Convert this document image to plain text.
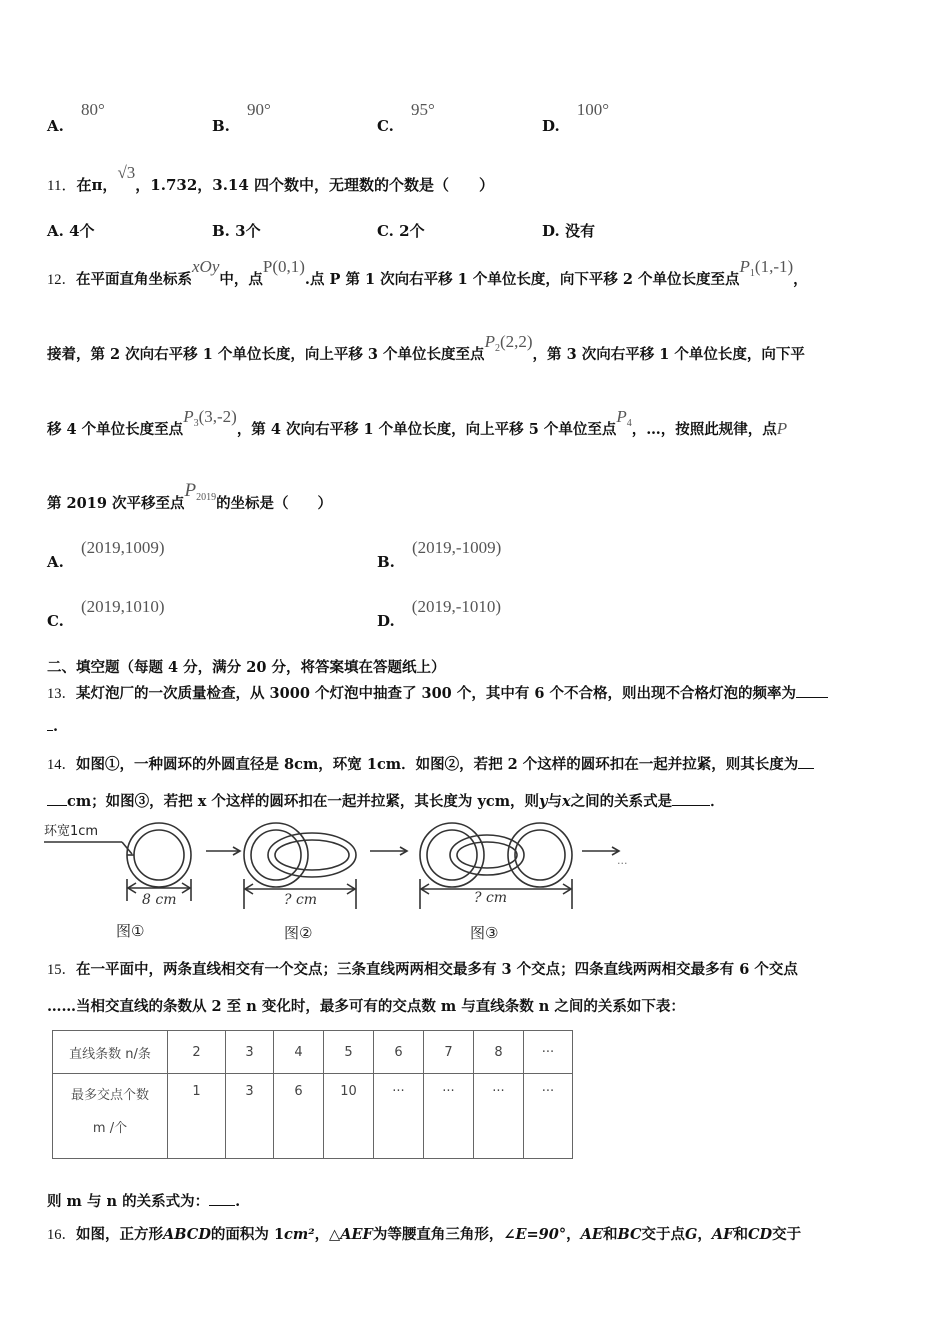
A. 80°
B. 90°
C. 95°
D. 100°
11．在π，√3，1.732，3.14 四个数中，无理数的个数是（　　）
A. 4个	B. 3个	C. 2个	D. 没有
12．在平面直角坐标系xOy中，点P(0,1).点 P 第 1 次向右平移 1 个单位长度，向下平移 2 个单位长度至点$P_1(1,-1)$，
接着，第 2 次向右平移 1 个单位长度，向上平移 3 个单位长度至点$P_2(2,2)$，第 3 次向右平移 1 个单位长度，向下平
移 4 个单位长度至点$P_3(3,-2)$，第 4 次向右平移 1 个单位长度，向上平移 5 个单位至点$P_4$，…，按照此规律，点P
第 2019 次平移至点$P_{2019}$的坐标是（　　）
A. (2019,1009)
B. (2019,-1009)
C. (2019,1010)
D. (2019,-1010)
二、填空题（每题 4 分，满分 20 分，将答案填在答题纸上）
13．某灯泡厂的一次质量检查，从 3000 个灯泡中抽查了 300 个，其中有 6 个不合格，则出现不合格灯泡的频率为
.
14．如图①，一种圆环的外圆直径是 8cm，环宽 1cm．如图②，若把 2 个这样的圆环扣在一起并拉紧，则其长度为
cm；如图③，若把 x 个这样的圆环扣在一起并拉紧，其长度为 ycm，则y与x之间的关系式是	．
环宽1cm
8 cm	? cm	? cm
图①	图②	图③
...
15．在一平面中，两条直线相交有一个交点；三条直线两两相交最多有 3 个交点；四条直线两两相交最多有 6 个交点
……当相交直线的条数从 2 至 n 变化时，最多可有的交点数 m 与直线条数 n 之间的关系如下表：
直线条数 n/条	2	3	4	5	6	7	8	···

最多交点个数
m /个	1	3	6	10	···	···	···	···
则 m 与 n 的关系式为： .
16．如图，正方形ABCD的面积为 1cm²，△AEF为等腰直角三角形，∠E=90°，AE和BC交于点G，AF和CD交于
